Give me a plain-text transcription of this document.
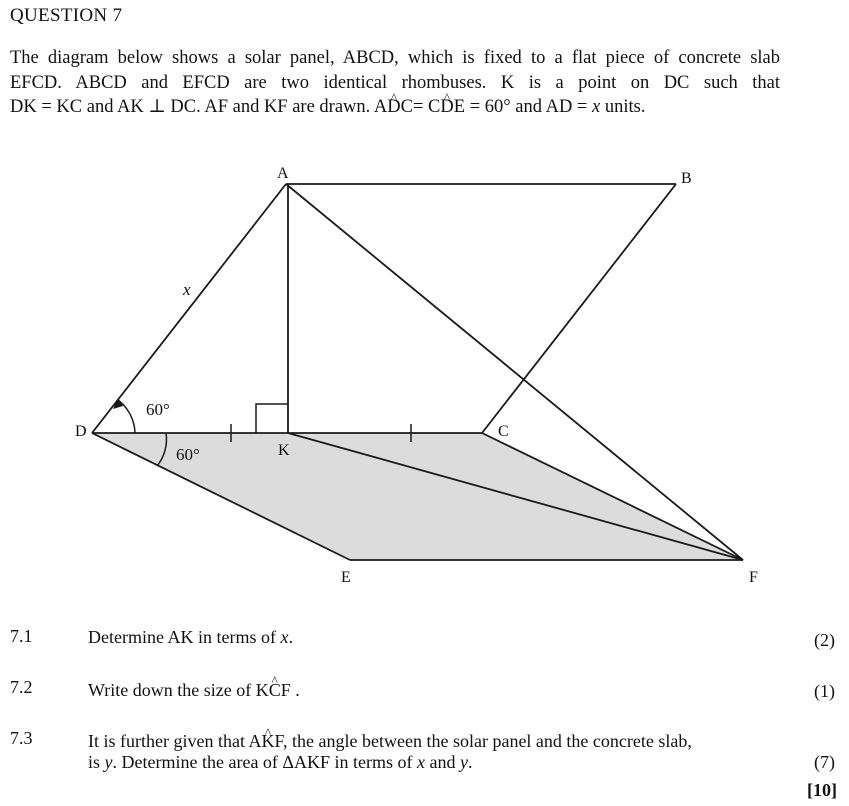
QUESTION 7

The diagram below shows a solar panel, ABCD, which is fixed to a flat piece of concrete slab

EFCD. ABCD and EFCD are two identical rhombuses. K is a point on DC such that

DK = KC and AK ⊥ DC. AF and KF are drawn. A^ DC= C^ DE = 60° and AD = x units.

A	B
C
D
E	F
K
x
60°
60°
7.1	Determine AK in terms of x.	(2)
7.2	Write down the size of K^ CF .	(1)
7.3	It is further given that A^ KF, the angle between the solar panel and the concrete slab,
is y. Determine the area of ΔAKF in terms of x and y.	(7)
[10]
